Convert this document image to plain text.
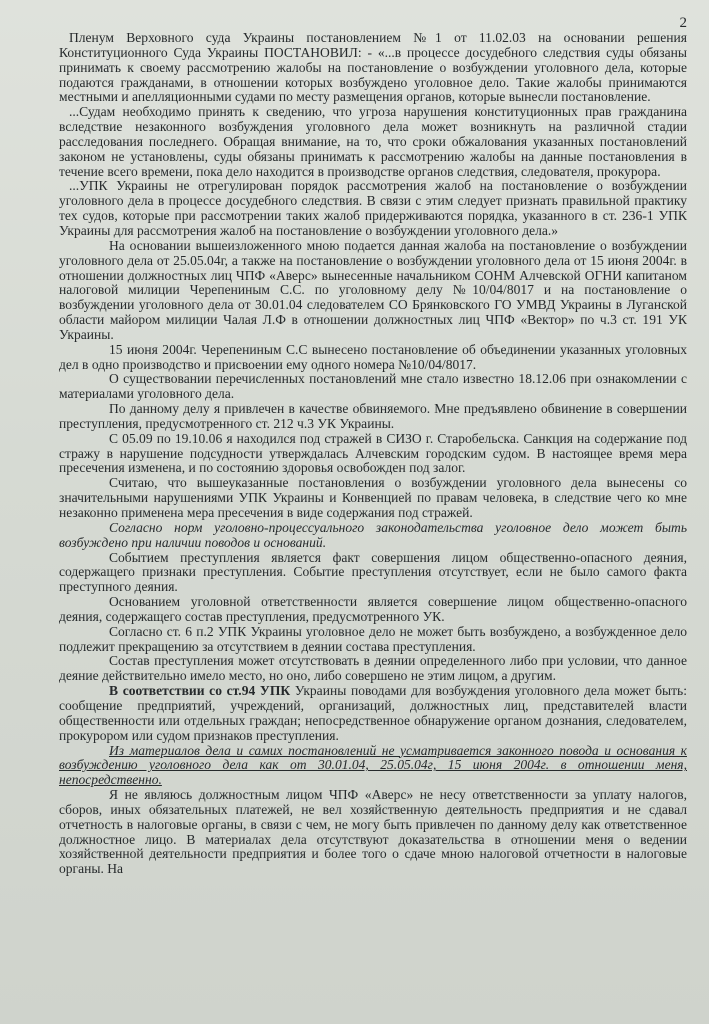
2

Пленум Верховного суда Украины постановлением №1 от 11.02.03 на основании решения Конституционного Суда Украины ПОСТАНОВИЛ: - «...в процессе досудебного следствия суды обязаны принимать к своему рассмотрению жалобы на постановление о возбуждении уголовного дела, которые подаются гражданами, в отношении которых возбуждено уголовное дело. Такие жалобы принимаются местными и апелляционными судами по месту размещения органов, которые вынесли постановление.

...Судам необходимо принять к сведению, что угроза нарушения конституционных прав гражданина вследствие незаконного возбуждения уголовного дела может возникнуть на различной стадии расследования последнего. Обращая внимание, на то, что сроки обжалования указанных постановлений законом не установлены, суды обязаны принимать к рассмотрению жалобы на данные постановления в течение всего времени, пока дело находится в производстве органов следствия, следователя, прокурора.

...УПК Украины не отрегулирован порядок рассмотрения жалоб на постановление о возбуждении уголовного дела в процессе досудебного следствия. В связи с этим следует признать правильной практику тех судов, которые при рассмотрении таких жалоб придерживаются порядка, указанного в ст. 236-1 УПК Украины для рассмотрения жалоб на постановление о возбуждении уголовного дела.»

На основании вышеизложенного мною подается данная жалоба на постановление о возбуждении уголовного дела от 25.05.04г, а также на постановление о возбуждении уголовного дела от 15 июня 2004г. в отношении должностных лиц ЧПФ «Аверс» вынесенные начальником СОНМ Алчевской ОГНИ капитаном налоговой милиции Черепениным С.С. по уголовному делу №10/04/8017 и на постановление о возбуждении уголовного дела от 30.01.04 следователем СО Брянковского ГО УМВД Украины в Луганской области майором милиции Чалая Л.Ф в отношении должностных лиц ЧПФ «Вектор» по ч.3 ст. 191 УК Украины.

15 июня 2004г. Черепениным С.С вынесено постановление об объединении указанных уголовных дел в одно производство и присвоении ему одного номера №10/04/8017.

О существовании перечисленных постановлений мне стало известно 18.12.06 при ознакомлении с материалами уголовного дела.

По данному делу я привлечен в качестве обвиняемого. Мне предъявлено обвинение в совершении преступления, предусмотренного ст. 212 ч.3 УК Украины.

С 05.09 по 19.10.06 я находился под стражей в СИЗО г. Старобельска. Санкция на содержание под стражу в нарушение подсудности утверждалась Алчевским городским судом. В настоящее время мера пресечения изменена, и по состоянию здоровья освобожден под залог.

Считаю, что вышеуказанные постановления о возбуждении уголовного дела вынесены со значительными нарушениями УПК Украины и Конвенцией по правам человека, в следствие чего ко мне незаконно применена мера пресечения в виде содержания под стражей.

Согласно норм уголовно-процессуального законодательства уголовное дело может быть возбуждено при наличии поводов и оснований.

Событием преступления является факт совершения лицом общественно-опасного деяния, содержащего признаки преступления. Событие преступления отсутствует, если не было самого факта преступного деяния.

Основанием уголовной ответственности является совершение лицом общественно-опасного деяния, содержащего состав преступления, предусмотренного УК.

Согласно ст. 6 п.2 УПК Украины уголовное дело не может быть возбуждено, а возбужденное дело подлежит прекращению за отсутствием в деянии состава преступления.

Состав преступления может отсутствовать в деянии определенного либо при условии, что данное деяние действительно имело место, но оно, либо совершено не этим лицом, а другим.

В соответствии со ст.94 УПК Украины поводами для возбуждения уголовного дела может быть: сообщение предприятий, учреждений, организаций, должностных лиц, представителей власти общественности или отдельных граждан; непосредственное обнаружение органом дознания, следователем, прокурором или судом признаков преступления.

Из материалов дела и самих постановлений не усматривается законного повода и основания к возбуждению уголовного дела как от 30.01.04, 25.05.04г, 15 июня 2004г. в отношении меня, непосредственно.

Я не являюсь должностным лицом ЧПФ «Аверс» не несу ответственности за уплату налогов, сборов, иных обязательных платежей, не вел хозяйственную деятельность предприятия и не сдавал отчетность в налоговые органы, в связи с чем, не могу быть привлечен по данному делу как ответственное должностное лицо. В материалах дела отсутствуют доказательства в отношении меня о ведении хозяйственной деятельности предприятия и более того о сдаче мною налоговой отчетности в налоговые органы. На
